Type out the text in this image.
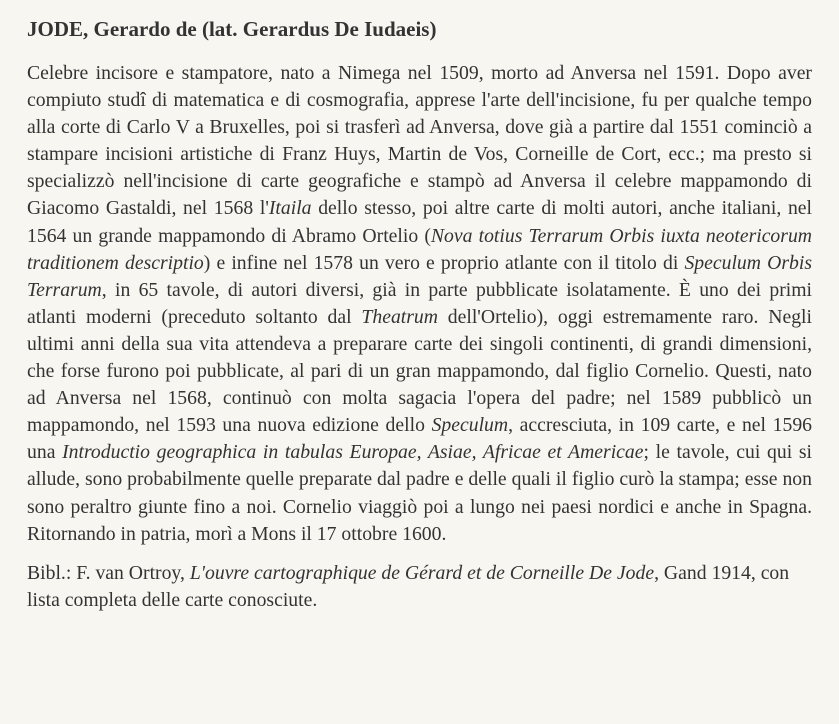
JODE, Gerardo de (lat. Gerardus De Iudaeis)

Celebre incisore e stampatore, nato a Nimega nel 1509, morto ad Anversa nel 1591. Dopo aver compiuto studî di matematica e di cosmografia, apprese l'arte dell'incisione, fu per qualche tempo alla corte di Carlo V a Bruxelles, poi si trasferì ad Anversa, dove già a partire dal 1551 cominciò a stampare incisioni artistiche di Franz Huys, Martin de Vos, Corneille de Cort, ecc.; ma presto si specializzò nell'incisione di carte geografiche e stampò ad Anversa il celebre mappamondo di Giacomo Gastaldi, nel 1568 l'Itaila dello stesso, poi altre carte di molti autori, anche italiani, nel 1564 un grande mappamondo di Abramo Ortelio (Nova totius Terrarum Orbis iuxta neotericorum traditionem descriptio) e infine nel 1578 un vero e proprio atlante con il titolo di Speculum Orbis Terrarum, in 65 tavole, di autori diversi, già in parte pubblicate isolatamente. È uno dei primi atlanti moderni (preceduto soltanto dal Theatrum dell'Ortelio), oggi estremamente raro. Negli ultimi anni della sua vita attendeva a preparare carte dei singoli continenti, di grandi dimensioni, che forse furono poi pubblicate, al pari di un gran mappamondo, dal figlio Cornelio. Questi, nato ad Anversa nel 1568, continuò con molta sagacia l'opera del padre; nel 1589 pubblicò un mappamondo, nel 1593 una nuova edizione dello Speculum, accresciuta, in 109 carte, e nel 1596 una Introductio geographica in tabulas Europae, Asiae, Africae et Americae; le tavole, cui qui si allude, sono probabilmente quelle preparate dal padre e delle quali il figlio curò la stampa; esse non sono peraltro giunte fino a noi. Cornelio viaggiò poi a lungo nei paesi nordici e anche in Spagna. Ritornando in patria, morì a Mons il 17 ottobre 1600.

Bibl.: F. van Ortroy, L'ouvre cartographique de Gérard et de Corneille De Jode, Gand 1914, con lista completa delle carte conosciute.
